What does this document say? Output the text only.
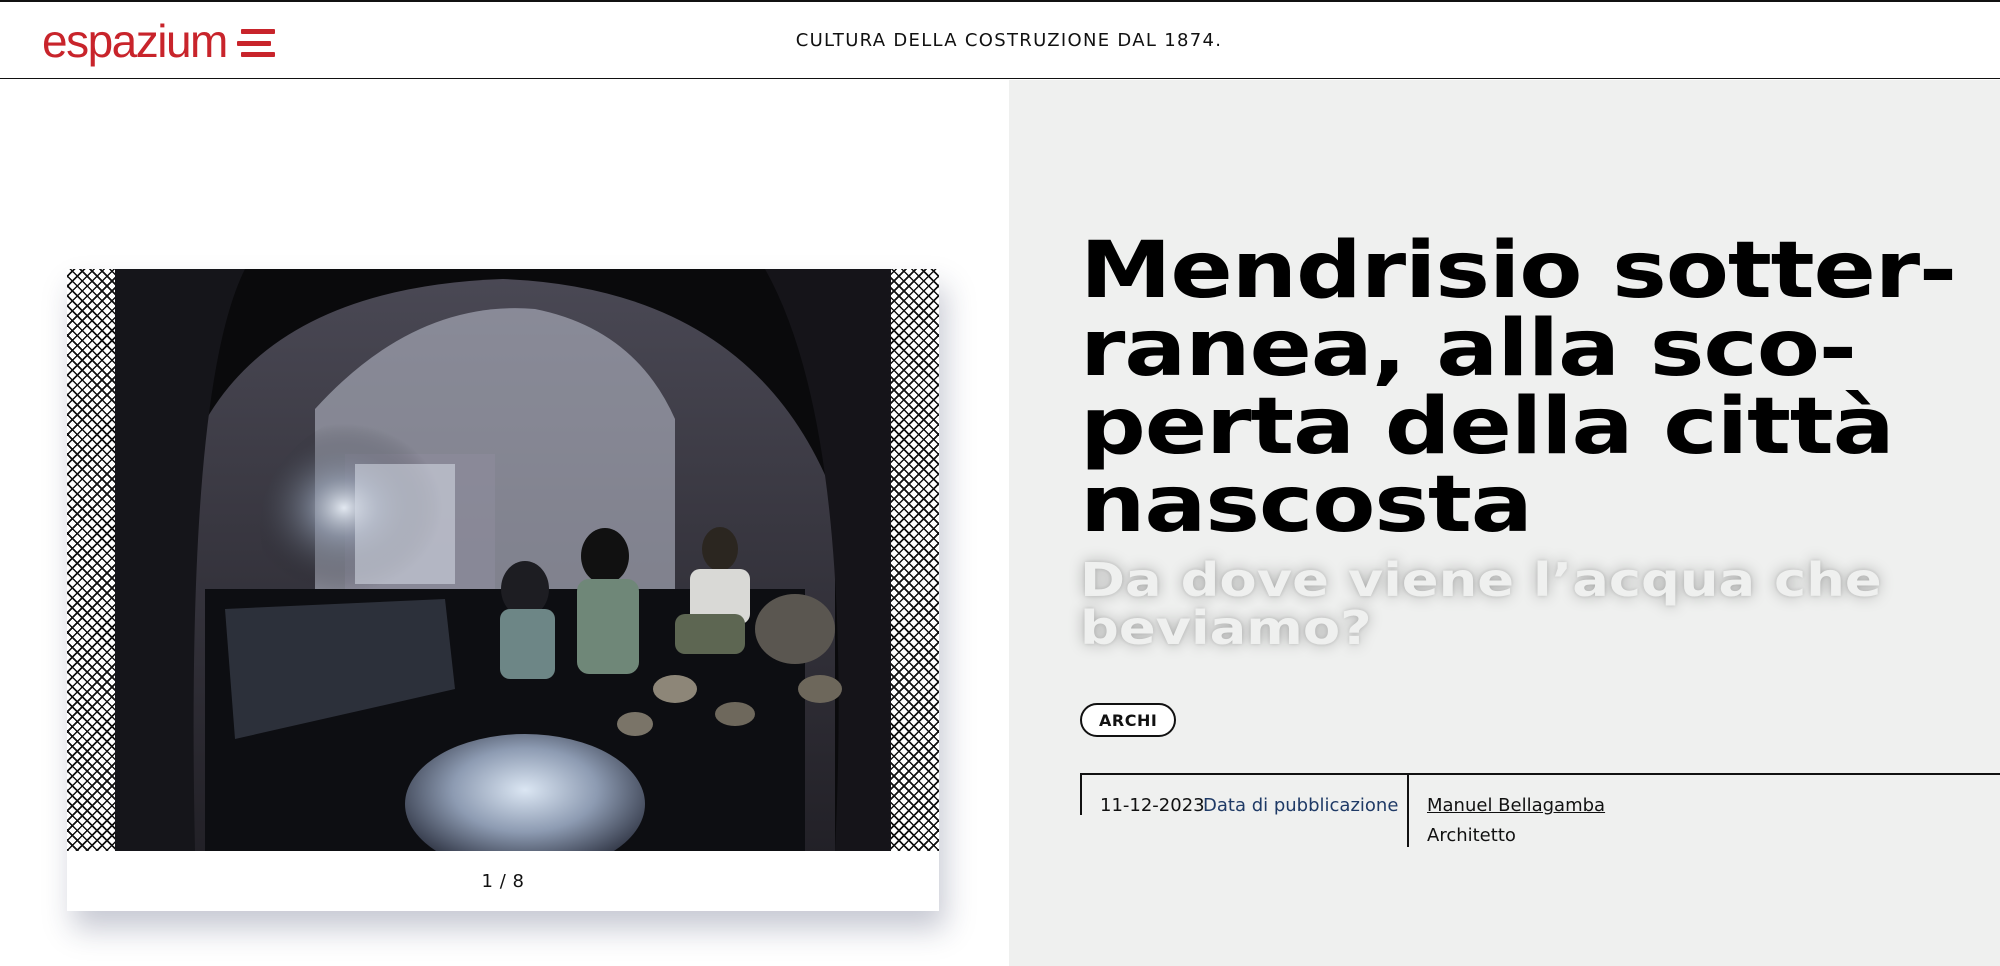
espazium	CULTURA DELLA COSTRUZIONE DAL 1874.
1 / 8
Mendrisio sotter-
ranea, alla sco-
perta della città
nascosta
Da dove viene l’acqua che
beviamo?
ARCHI
11-12-2023
Data di pubblicazione Manuel Bellagamba
Architetto
